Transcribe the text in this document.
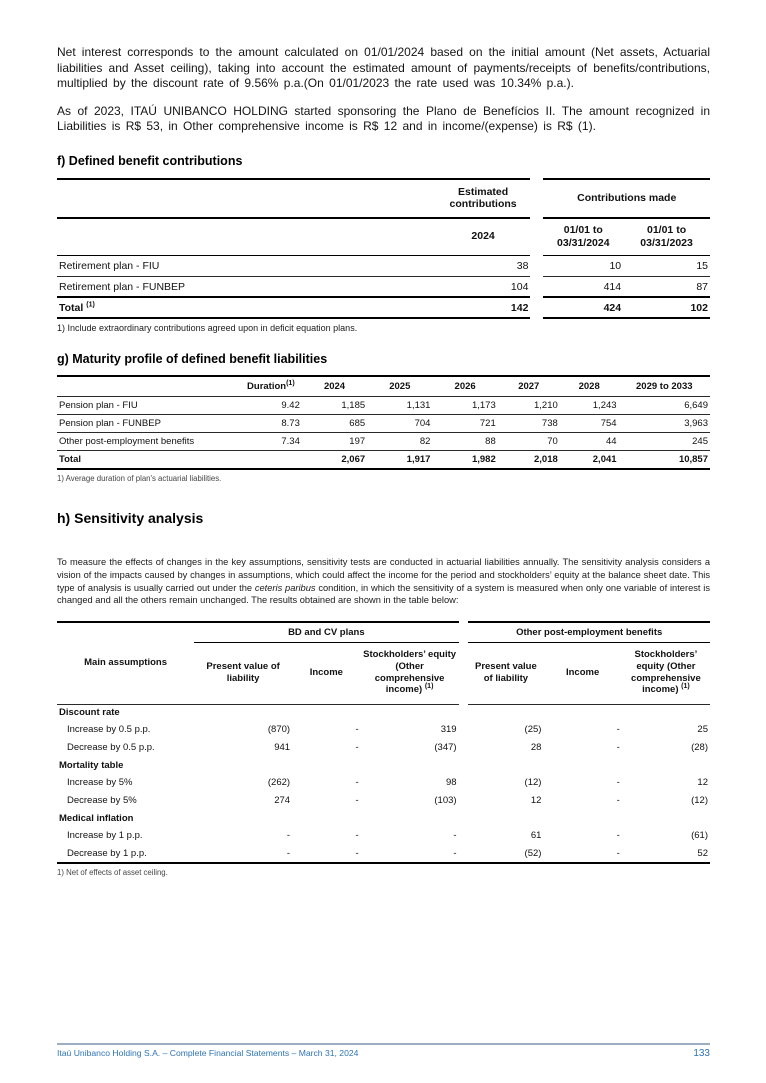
Net interest corresponds to the amount calculated on 01/01/2024 based on the initial amount (Net assets, Actuarial liabilities and Asset ceiling), taking into account the estimated amount of payments/receipts of benefits/contributions, multiplied by the discount rate of 9.56% p.a.(On 01/01/2023 the rate used was 10.34% p.a.).

As of 2023, ITAÚ UNIBANCO HOLDING started sponsoring the Plano de Benefícios II. The amount recognized in Liabilities is R$ 53, in Other comprehensive income is R$ 12 and in income/(expense) is R$ (1).

f) Defined benefit contributions
	Estimated contributions		Contributions made	
	2024		01/01 to 03/31/2024	01/01 to 03/31/2023
Retirement plan - FIU	38		10	15
Retirement plan - FUNBEP	104		414	87
Total $^{(1)}$	142		424	102
1) Include extraordinary contributions agreed upon in deficit equation plans.
g) Maturity profile of defined benefit liabilities
	Duration$^{(1)}$	2024	2025	2026	2027	2028	2029 to 2033
Pension plan - FIU	9.42	1,185	1,131	1,173	1,210	1,243	6,649
Pension plan - FUNBEP	8.73	685	704	721	738	754	3,963
Other post-employment benefits	7.34	197	82	88	70	44	245
Total		2,067	1,917	1,982	2,018	2,041	10,857
1) Average duration of plan's actuarial liabilities.
h) Sensitivity analysis

To measure the effects of changes in the key assumptions, sensitivity tests are conducted in actuarial liabilities annually. The sensitivity analysis considers a vision of the impacts caused by changes in assumptions, which could affect the income for the period and stockholders’ equity at the balance sheet date. This type of analysis is usually carried out under the ceteris paribus condition, in which the sensitivity of a system is measured when only one variable of interest is changed and all the others remain unchanged. The results obtained are shown in the table below:

Main assumptions	BD and CV plans				Other post-employment benefits		
	Present value of liability	Income	Stockholders’ equity (Other comprehensive income) $^{(1)}$		Present value of liability	Income	Stockholders’ equity (Other comprehensive income) $^{(1)}$
Discount rate							
Increase by 0.5 p.p.	(870)	-	319		(25)	-	25
Decrease by 0.5 p.p.	941	-	(347)		28	-	(28)
Mortality table							
Increase by 5%	(262)	-	98		(12)	-	12
Decrease by 5%	274	-	(103)		12	-	(12)
Medical inflation							
Increase by 1 p.p.	-	-	-		61	-	(61)
Decrease by 1 p.p.	-	-	-		(52)	-	52
1) Net of effects of asset ceiling.
Itaú Unibanco Holding S.A. – Complete Financial Statements – March 31, 2024	133
